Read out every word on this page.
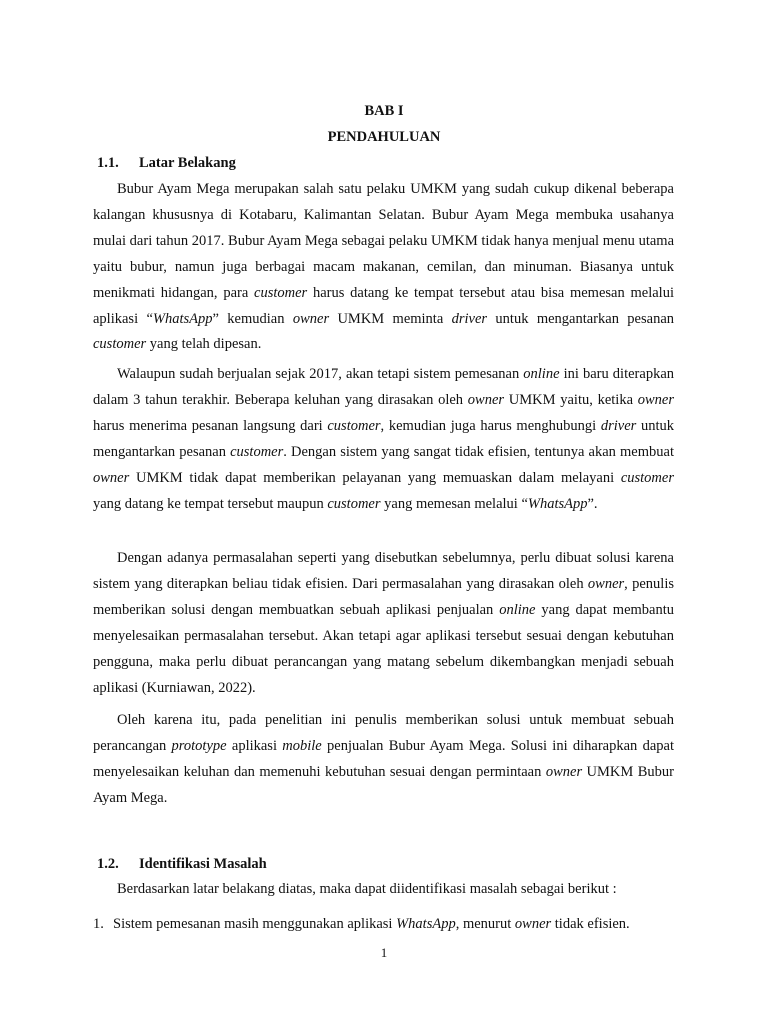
BAB I
PENDAHULUAN
1.1. Latar Belakang

Bubur Ayam Mega merupakan salah satu pelaku UMKM yang sudah cukup dikenal beberapa kalangan khususnya di Kotabaru, Kalimantan Selatan. Bubur Ayam Mega membuka usahanya mulai dari tahun 2017. Bubur Ayam Mega sebagai pelaku UMKM tidak hanya menjual menu utama yaitu bubur, namun juga berbagai macam makanan, cemilan, dan minuman. Biasanya untuk menikmati hidangan, para customer harus datang ke tempat tersebut atau bisa memesan melalui aplikasi “WhatsApp” kemudian owner UMKM meminta driver untuk mengantarkan pesanan customer yang telah dipesan.

Walaupun sudah berjualan sejak 2017, akan tetapi sistem pemesanan online ini baru diterapkan dalam 3 tahun terakhir. Beberapa keluhan yang dirasakan oleh owner UMKM yaitu, ketika owner harus menerima pesanan langsung dari customer, kemudian juga harus menghubungi driver untuk mengantarkan pesanan customer. Dengan sistem yang sangat tidak efisien, tentunya akan membuat owner UMKM tidak dapat memberikan pelayanan yang memuaskan dalam melayani customer yang datang ke tempat tersebut maupun customer yang memesan melalui “WhatsApp”.

Dengan adanya permasalahan seperti yang disebutkan sebelumnya, perlu dibuat solusi karena sistem yang diterapkan beliau tidak efisien. Dari permasalahan yang dirasakan oleh owner, penulis memberikan solusi dengan membuatkan sebuah aplikasi penjualan online yang dapat membantu menyelesaikan permasalahan tersebut. Akan tetapi agar aplikasi tersebut sesuai dengan kebutuhan pengguna, maka perlu dibuat perancangan yang matang sebelum dikembangkan menjadi sebuah aplikasi (Kurniawan, 2022).

Oleh karena itu, pada penelitian ini penulis memberikan solusi untuk membuat sebuah perancangan prototype aplikasi mobile penjualan Bubur Ayam Mega. Solusi ini diharapkan dapat menyelesaikan keluhan dan memenuhi kebutuhan sesuai dengan permintaan owner UMKM Bubur Ayam Mega.

1.2. Identifikasi Masalah

Berdasarkan latar belakang diatas, maka dapat diidentifikasi masalah sebagai berikut :

1. Sistem pemesanan masih menggunakan aplikasi WhatsApp, menurut owner tidak efisien.
1
